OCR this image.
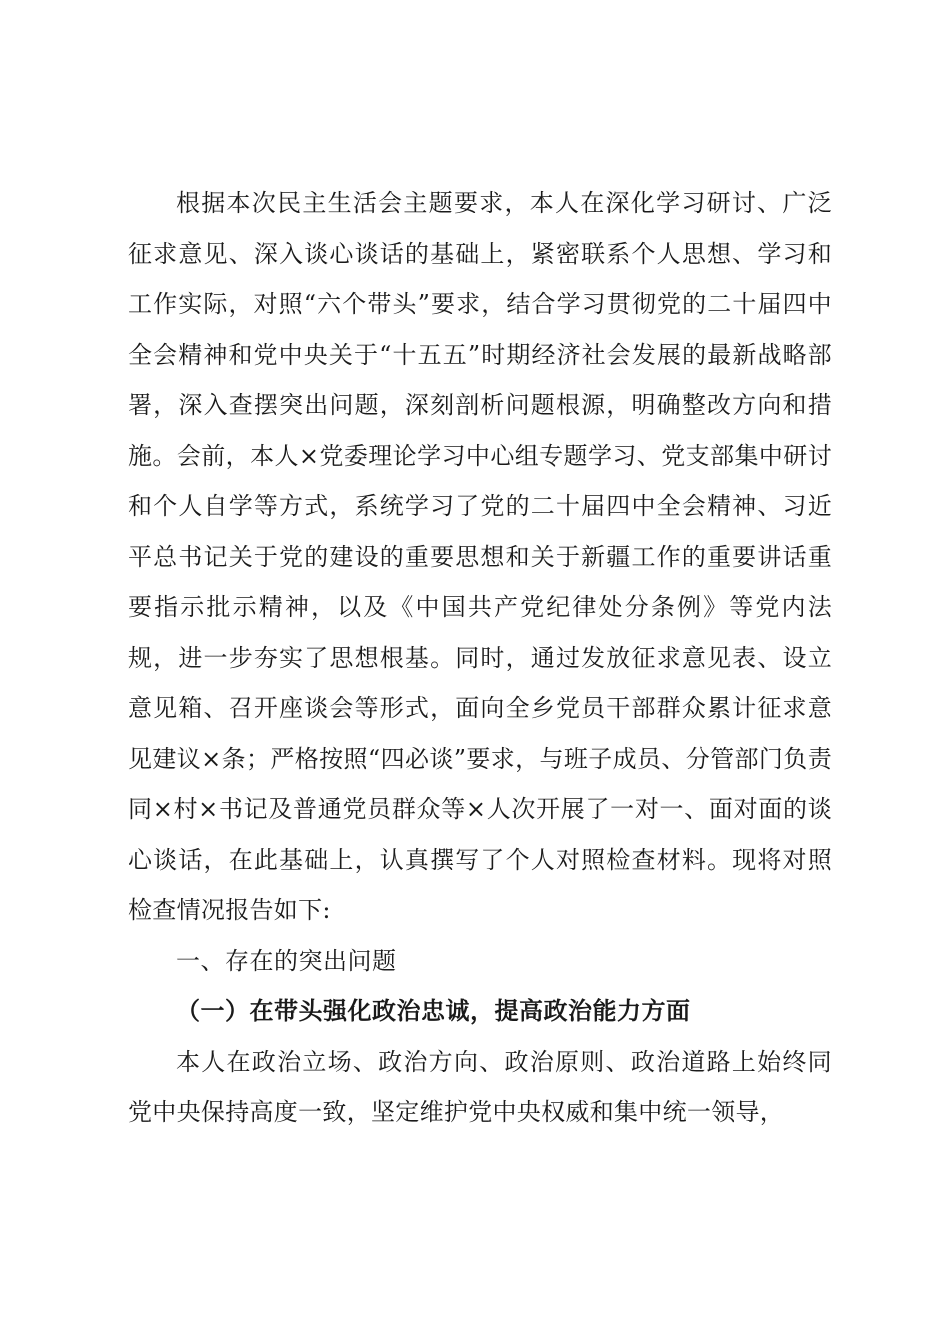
根据本次民主生活会主题要求，本人在深化学习研讨、广泛征求意见、深入谈心谈话的基础上，紧密联系个人思想、学习和工作实际，对照“六个带头”要求，结合学习贯彻党的二十届四中全会精神和党中央关于“十五五”时期经济社会发展的最新战略部署，深入查摆突出问题，深刻剖析问题根源，明确整改方向和措施。会前，本人×党委理论学习中心组专题学习、党支部集中研讨和个人自学等方式，系统学习了党的二十届四中全会精神、习近平总书记关于党的建设的重要思想和关于新疆工作的重要讲话重要指示批示精神，以及《中国共产党纪律处分条例》等党内法规，进一步夯实了思想根基。同时，通过发放征求意见表、设立意见箱、召开座谈会等形式，面向全乡党员干部群众累计征求意见建议×条；严格按照“四必谈”要求，与班子成员、分管部门负责同×村×书记及普通党员群众等×人次开展了一对一、面对面的谈心谈话，在此基础上，认真撰写了个人对照检查材料。现将对照检查情况报告如下:

一、存在的突出问题

（一）在带头强化政治忠诚，提高政治能力方面

本人在政治立场、政治方向、政治原则、政治道路上始终同党中央保持高度一致，坚定维护党中央权威和集中统一领导，
